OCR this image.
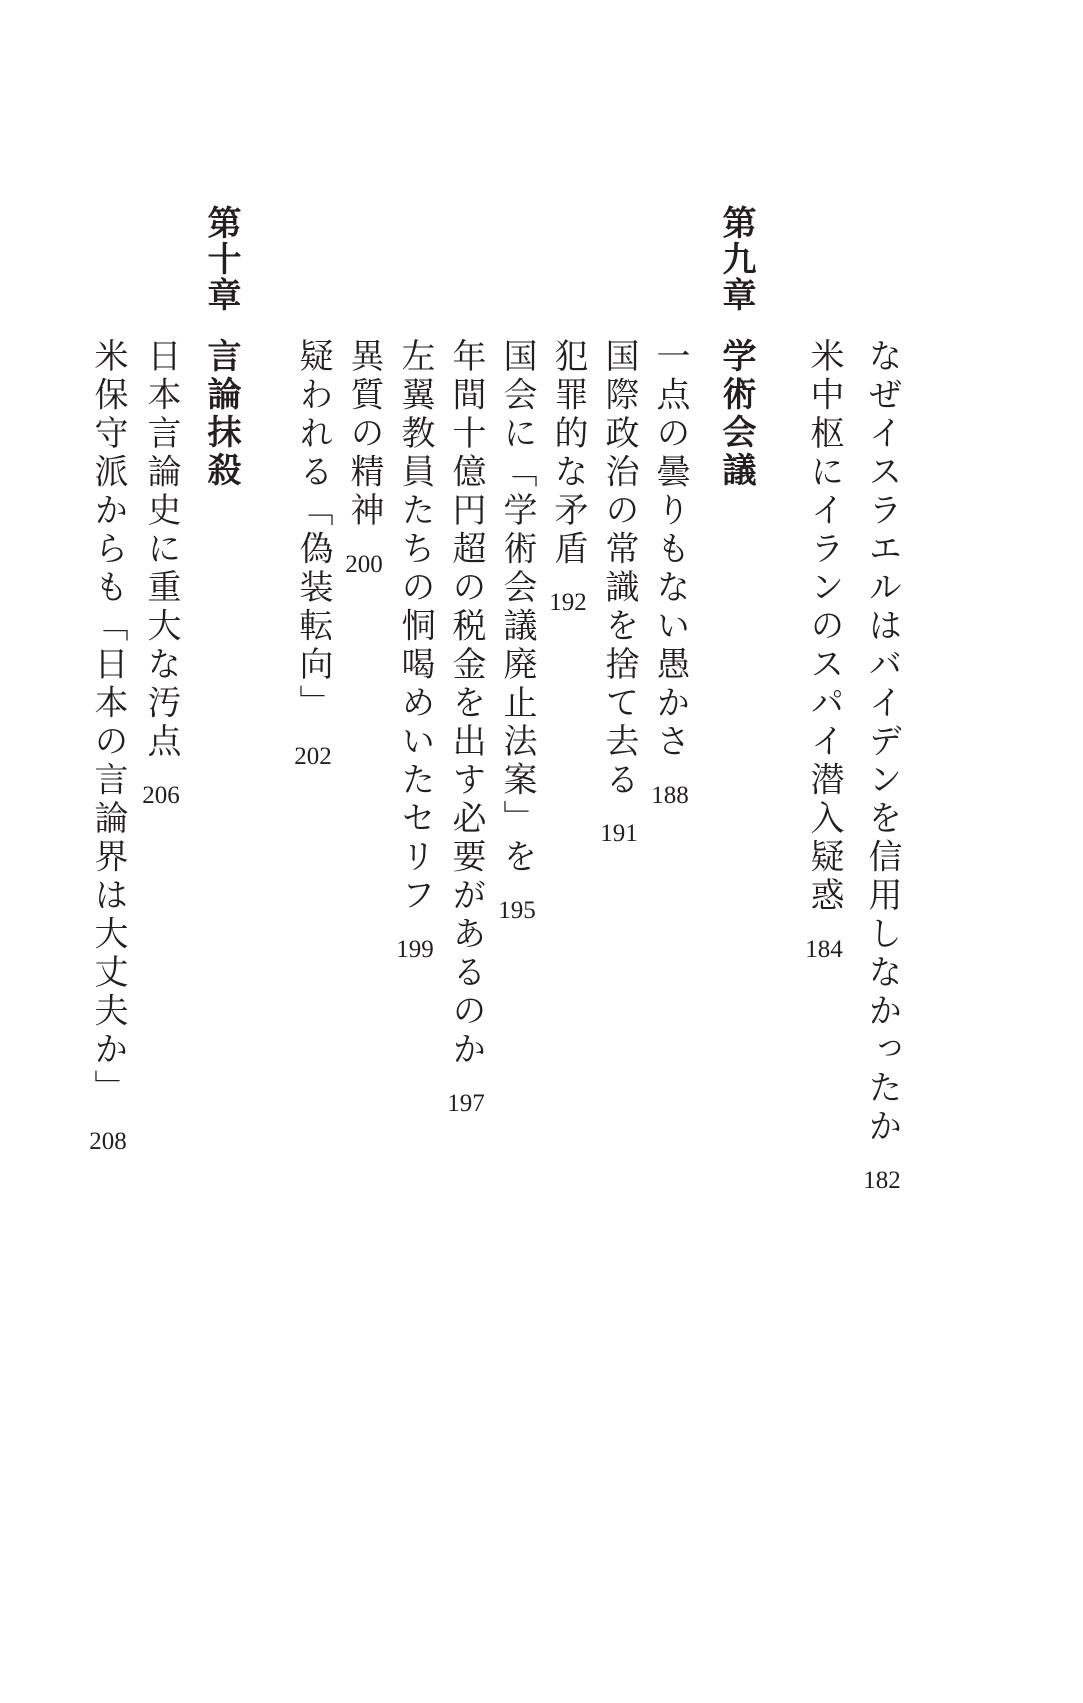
なぜイスラエルはバイデンを信用しなかったか182
米中枢にイランのスパイ潜入疑惑184
第九章
学術会議
一点の曇りもない愚かさ188
国際政治の常識を捨て去る191
犯罪的な矛盾192
国会に「学術会議廃止法案」を195
年間十億円超の税金を出す必要があるのか197
左翼教員たちの恫喝めいたセリフ199
異質の精神200
疑われる「偽装転向」202
第十章
言論抹殺
日本言論史に重大な汚点206
米保守派からも「日本の言論界は大丈夫か」208
